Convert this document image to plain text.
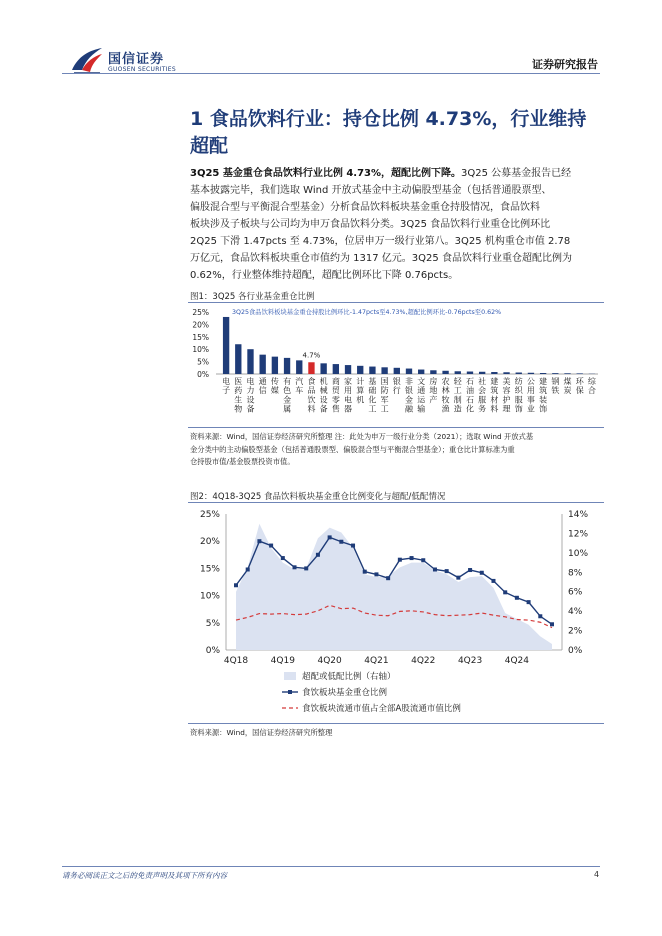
国信证券
GUOSEN SECURITIES	证券研究报告
1 食品饮料行业：持仓比例 4.73%，行业维持
超配
3Q25 基金重仓食品饮料行业比例 4.73%，超配比例下降。3Q25 公募基金报告已经
基本披露完毕，我们选取 Wind 开放式基金中主动偏股型基金（包括普通股票型、
偏股混合型与平衡混合型基金）分析食品饮料板块基金重仓持股情况，食品饮料
板块涉及子板块与公司均为申万食品饮料分类。3Q25 食品饮料行业重仓比例环比
2Q25 下滑 1.47pcts 至 4.73%，位居申万一级行业第八。3Q25 机构重仓市值 2.78
万亿元，食品饮料板块重仓市值约为 1317 亿元。3Q25 食品饮料行业重仓超配比例为
0.62%，行业整体维持超配，超配比例环比下降 0.76pcts。
图1：3Q25 各行业基金重仓比例
0%
5%
10%
15%
20%
25%	3Q25食品饮料板块基金重仓持股比例环比-1.47pcts至4.73%,超配比例环比-0.76pcts至0.62%
电
子
医
药
生
物
电
力
设
备
通
信
传
媒
有
色
金
属
汽
车
4.7%
食
品
饮
料
机
械
设
备
商
贸
零
售
家
用
电
器
计
算
机
基
础
化
工
国
防
军
工
银
行
非
银
金
融
文
通
运
输
房
地
产
农
林
牧
渔
轻
工
制
造
石
油
石
化
社
会
服
务
建
筑
材
料
美
容
护
理
纺
织
服
饰
公
用
事
业
建
筑
装
饰
钢
铁
煤
炭
环
保
综
合
资料来源：Wind，国信证券经济研究所整理 注：此处为申万一级行业分类（2021）；选取 Wind 开放式基
金分类中的主动偏股型基金（包括普通股票型、偏股混合型与平衡混合型基金）；重仓比计算标准为重
仓持股市值/基金股票投资市值。
图2：4Q18-3Q25 食品饮料板块基金重仓比例变化与超配/低配情况
0%
5%
10%
15%
20%
25%
0%
2%
4%
6%
8%
10%
12%
14%
4Q18	4Q19	4Q20	4Q21	4Q22	4Q23	4Q24
超配或低配比例（右轴）
食饮板块基金重仓比例
食饮板块流通市值占全部A股流通市值比例
资料来源：Wind，国信证券经济研究所整理
请务必阅读正文之后的免责声明及其项下所有内容	4
